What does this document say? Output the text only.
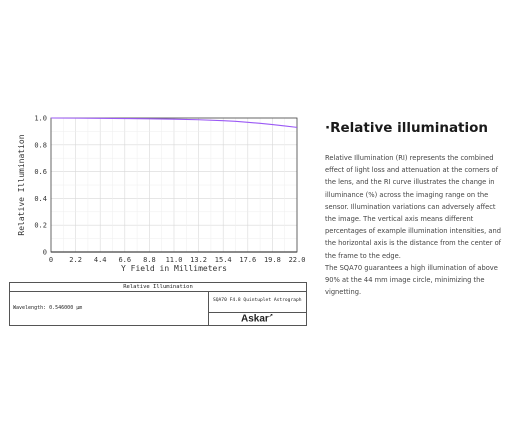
0
0.2
0.4
0.6
0.8
1.0
0 2.2 4.4 6.6 8.8 11.0 13.2 15.4 17.6 19.8 22.0
Relative Illumination
Y Field in Millimeters
Relative Illumination
Wavelength: 0.546000 µm
SQA70 F4.8 Quintuplet Astrograph
Askar↗
·Relative illumination

Relative Illumination (RI) represents the combined effect of light loss and attenuation at the corners of the lens, and the RI curve illustrates the change in illuminance (%) across the imaging range on the sensor. Illumination variations can adversely affect the image. The vertical axis means different percentages of example illumination intensities, and the horizontal axis is the distance from the center of the frame to the edge.

The SQA70 guarantees a high illumination of above 90% at the 44 mm image circle, minimizing the vignetting.
